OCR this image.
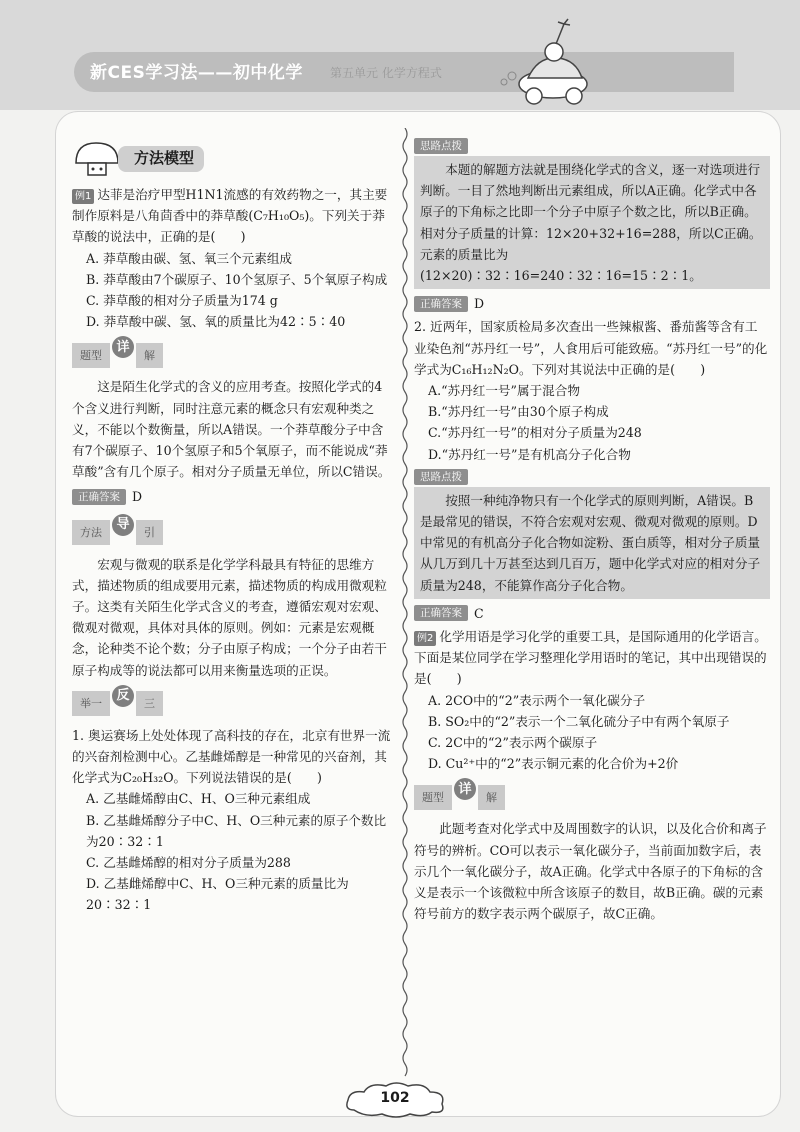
新CES学习法——初中化学 第五单元 化学方程式
方法模型
例1 达菲是治疗甲型H1N1流感的有效药物之一，其主要制作原料是八角茴香中的莽草酸(C₇H₁₀O₅)。下列关于莽草酸的说法中，正确的是(　　)
A. 莽草酸由碳、氢、氧三个元素组成
B. 莽草酸由7个碳原子、10个氢原子、5个氧原子构成
C. 莽草酸的相对分子质量为174 g
D. 莽草酸中碳、氢、氧的质量比为42∶5∶40
题型
详
解
这是陌生化学式的含义的应用考查。按照化学式的4个含义进行判断，同时注意元素的概念只有宏观种类之义，不能以个数衡量，所以A错误。一个莽草酸分子中含有7个碳原子、10个氢原子和5个氧原子，而不能说成“莽草酸”含有几个原子。相对分子质量无单位，所以C错误。
正确答案 D
方法
导
引
宏观与微观的联系是化学学科最具有特征的思维方式，描述物质的组成要用元素，描述物质的构成用微观粒子。这类有关陌生化学式含义的考查，遵循宏观对宏观、微观对微观，具体对具体的原则。例如：元素是宏观概念，论种类不论个数；分子由原子构成；一个分子由若干原子构成等的说法都可以用来衡量选项的正误。
举一
反
三
1. 奥运赛场上处处体现了高科技的存在，北京有世界一流的兴奋剂检测中心。乙基雌烯醇是一种常见的兴奋剂，其化学式为C₂₀H₃₂O。下列说法错误的是(　　)
A. 乙基雌烯醇由C、H、O三种元素组成
B. 乙基雌烯醇分子中C、H、O三种元素的原子个数比为20∶32∶1
C. 乙基雌烯醇的相对分子质量为288
D. 乙基雌烯醇中C、H、O三种元素的质量比为20∶32∶1
思路点拨
本题的解题方法就是围绕化学式的含义，逐一对选项进行判断。一目了然地判断出元素组成，所以A正确。化学式中各原子的下角标之比即一个分子中原子个数之比，所以B正确。相对分子质量的计算：12×20+32+16=288，所以C正确。元素的质量比为(12×20)∶32∶16=240∶32∶16=15∶2∶1。
正确答案 D
2. 近两年，国家质检局多次查出一些辣椒酱、番茄酱等含有工业染色剂“苏丹红一号”，人食用后可能致癌。“苏丹红一号”的化学式为C₁₆H₁₂N₂O。下列对其说法中正确的是(　　)
A.“苏丹红一号”属于混合物
B.“苏丹红一号”由30个原子构成
C.“苏丹红一号”的相对分子质量为248
D.“苏丹红一号”是有机高分子化合物
思路点拨
按照一种纯净物只有一个化学式的原则判断，A错误。B是最常见的错误，不符合宏观对宏观、微观对微观的原则。D中常见的有机高分子化合物如淀粉、蛋白质等，相对分子质量从几万到几十万甚至达到几百万，题中化学式对应的相对分子质量为248，不能算作高分子化合物。
正确答案 C
例2 化学用语是学习化学的重要工具，是国际通用的化学语言。下面是某位同学在学习整理化学用语时的笔记，其中出现错误的是(　　)
A. 2CO中的“2”表示两个一氧化碳分子
B. SO₂中的“2”表示一个二氧化硫分子中有两个氧原子
C. 2C中的“2”表示两个碳原子
D. Cu²⁺中的“2”表示铜元素的化合价为+2价
题型
详
解
此题考查对化学式中及周围数字的认识，以及化合价和离子符号的辨析。CO可以表示一氧化碳分子，当前面加数字后，表示几个一氧化碳分子，故A正确。化学式中各原子的下角标的含义是表示一个该微粒中所含该原子的数目，故B正确。碳的元素符号前方的数字表示两个碳原子，故C正确。
102
